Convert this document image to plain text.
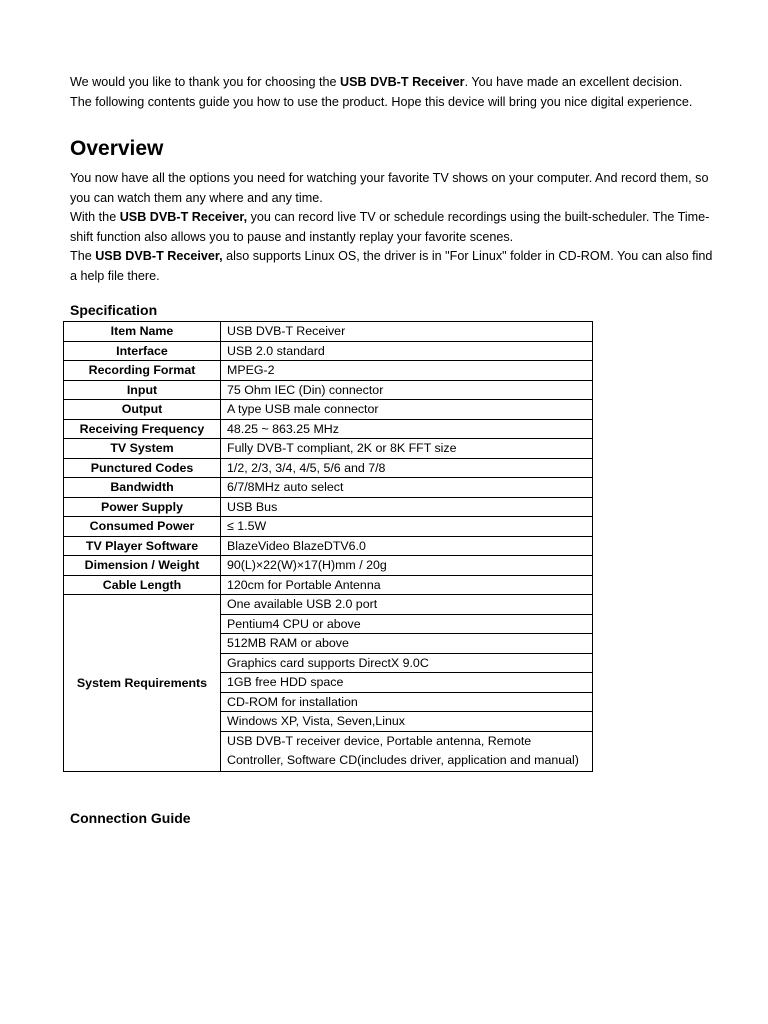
We would you like to thank you for choosing the USB DVB-T Receiver. You have made an excellent decision.
The following contents guide you how to use the product. Hope this device will bring you nice digital experience.
Overview

You now have all the options you need for watching your favorite TV shows on your computer. And record them, so you can watch them any where and any time.

With the USB DVB-T Receiver, you can record live TV or schedule recordings using the built-scheduler. The Time-shift function also allows you to pause and instantly replay your favorite scenes.

The USB DVB-T Receiver, also supports Linux OS, the driver is in "For Linux" folder in CD-ROM. You can also find a help file there.

Specification
Item Name	USB DVB-T Receiver
Interface	USB 2.0 standard
Recording Format	MPEG-2
Input	75 Ohm IEC (Din) connector
Output	A type USB male connector
Receiving Frequency	48.25 ~ 863.25 MHz
TV System	Fully DVB-T compliant, 2K or 8K FFT size
Punctured Codes	1/2, 2/3, 3/4, 4/5, 5/6 and 7/8
Bandwidth	6/7/8MHz auto select
Power Supply	USB Bus
Consumed Power	≤ 1.5W
TV Player Software	BlazeVideo BlazeDTV6.0
Dimension / Weight	90(L)×22(W)×17(H)mm / 20g
Cable Length	120cm for Portable Antenna
System Requirements	One available USB 2.0 port
	Pentium4 CPU or above
	512MB RAM or above
	Graphics card supports DirectX 9.0C
	1GB free HDD space
	CD-ROM for installation
	Windows XP, Vista, Seven,Linux
	USB DVB-T receiver device, Portable antenna, Remote Controller, Software CD(includes driver, application and manual)
Connection Guide
